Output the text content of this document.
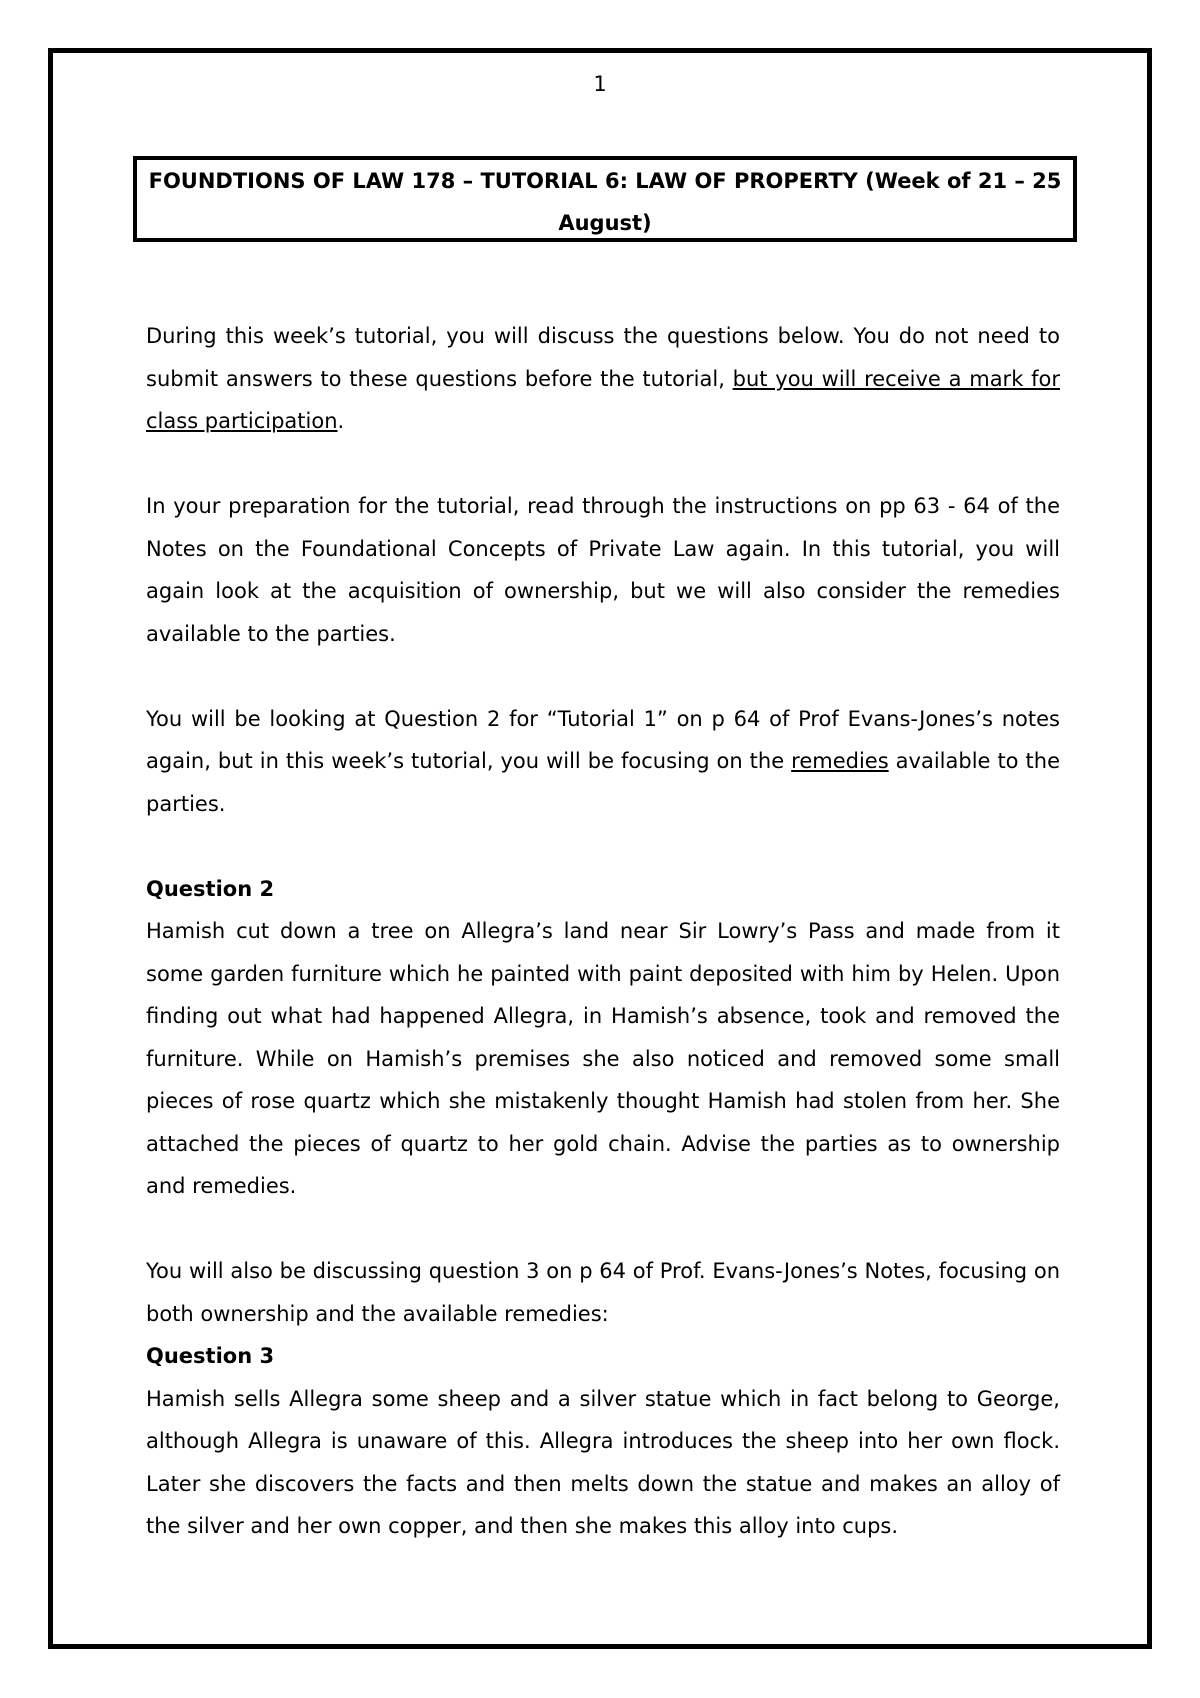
1
FOUNDTIONS OF LAW 178 – TUTORIAL 6: LAW OF PROPERTY (Week of 21 – 25 August)

During this week’s tutorial, you will discuss the questions below. You do not need to submit answers to these questions before the tutorial, but you will receive a mark for class participation.

In your preparation for the tutorial, read through the instructions on pp 63 - 64 of the Notes on the Foundational Concepts of Private Law again. In this tutorial, you will again look at the acquisition of ownership, but we will also consider the remedies available to the parties.

You will be looking at Question 2 for “Tutorial 1” on p 64 of Prof Evans-Jones’s notes again, but in this week’s tutorial, you will be focusing on the remedies available to the parties.

Question 2

Hamish cut down a tree on Allegra’s land near Sir Lowry’s Pass and made from it some garden furniture which he painted with paint deposited with him by Helen. Upon finding out what had happened Allegra, in Hamish’s absence, took and removed the furniture. While on Hamish’s premises she also noticed and removed some small pieces of rose quartz which she mistakenly thought Hamish had stolen from her. She attached the pieces of quartz to her gold chain. Advise the parties as to ownership and remedies.

You will also be discussing question 3 on p 64 of Prof. Evans-Jones’s Notes, focusing on both ownership and the available remedies:

Question 3

Hamish sells Allegra some sheep and a silver statue which in fact belong to George, although Allegra is unaware of this. Allegra introduces the sheep into her own flock. Later she discovers the facts and then melts down the statue and makes an alloy of the silver and her own copper, and then she makes this alloy into cups.
